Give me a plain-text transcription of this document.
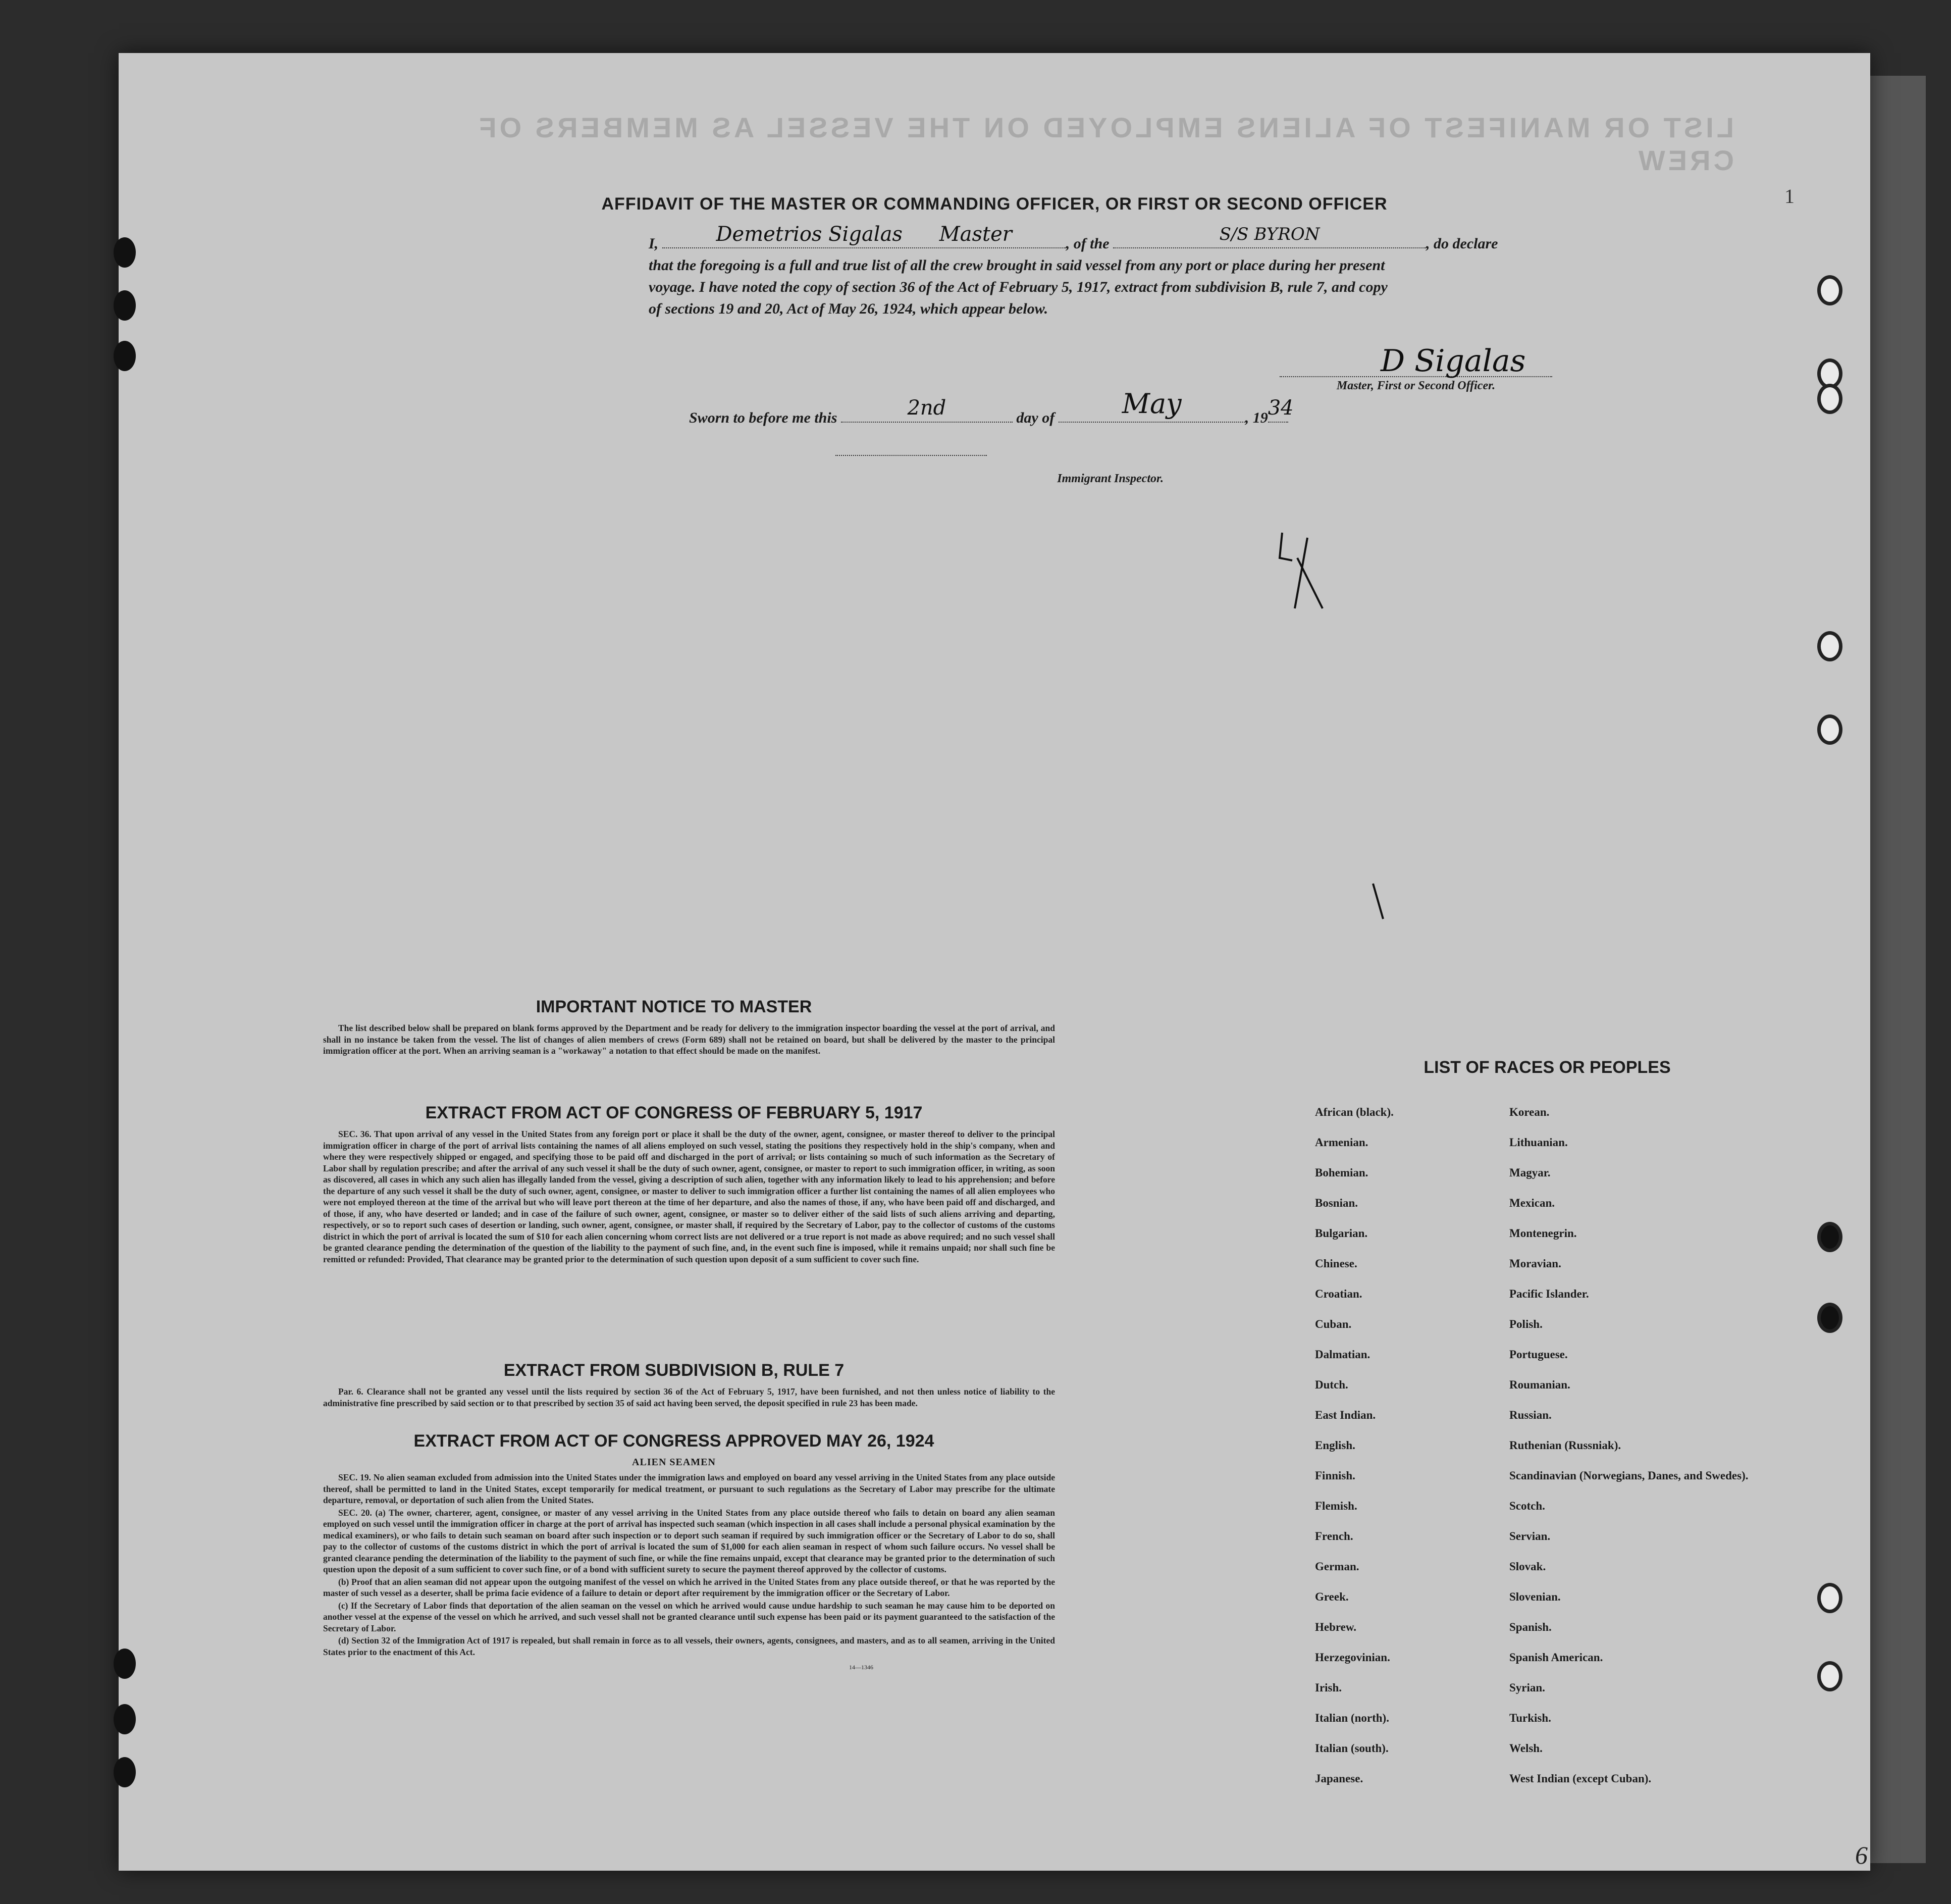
LIST OR MANIFEST OF ALIENS EMPLOYED ON THE VESSEL AS MEMBERS OF CREW
1
AFFIDAVIT OF THE MASTER OR COMMANDING OFFICER, OR FIRST OR SECOND OFFICER

I,	Demetrios Sigalas Master	, of the	S/S BYRON	, do declare

that the foregoing is a full and true list of all the crew brought in said vessel from any port or place during her present

voyage. I have noted the copy of section 36 of the Act of February 5, 1917, extract from subdivision B, rule 7, and copy

of sections 19 and 20, Act of May 26, 1924, which appear below.

D Sigalas
Master, First or Second Officer.
Sworn to before me this	2nd	day of	May	, 19 34
Immigrant Inspector.
IMPORTANT NOTICE TO MASTER

The list described below shall be prepared on blank forms approved by the Department and be ready for delivery to the immigration inspector boarding the vessel at the port of arrival, and shall in no instance be taken from the vessel. The list of changes of alien members of crews (Form 689) shall not be retained on board, but shall be delivered by the master to the principal immigration officer at the port. When an arriving seaman is a "workaway" a notation to that effect should be made on the manifest.

EXTRACT FROM ACT OF CONGRESS OF FEBRUARY 5, 1917

SEC. 36. That upon arrival of any vessel in the United States from any foreign port or place it shall be the duty of the owner, agent, consignee, or master thereof to deliver to the principal immigration officer in charge of the port of arrival lists containing the names of all aliens employed on such vessel, stating the positions they respectively hold in the ship's company, when and where they were respectively shipped or engaged, and specifying those to be paid off and discharged in the port of arrival; or lists containing so much of such information as the Secretary of Labor shall by regulation prescribe; and after the arrival of any such vessel it shall be the duty of such owner, agent, consignee, or master to report to such immigration officer, in writing, as soon as discovered, all cases in which any such alien has illegally landed from the vessel, giving a description of such alien, together with any information likely to lead to his apprehension; and before the departure of any such vessel it shall be the duty of such owner, agent, consignee, or master to deliver to such immigration officer a further list containing the names of all alien employees who were not employed thereon at the time of the arrival but who will leave port thereon at the time of her departure, and also the names of those, if any, who have been paid off and discharged, and of those, if any, who have deserted or landed; and in case of the failure of such owner, agent, consignee, or master so to deliver either of the said lists of such aliens arriving and departing, respectively, or so to report such cases of desertion or landing, such owner, agent, consignee, or master shall, if required by the Secretary of Labor, pay to the collector of customs of the customs district in which the port of arrival is located the sum of $10 for each alien concerning whom correct lists are not delivered or a true report is not made as above required; and no such vessel shall be granted clearance pending the determination of the question of the liability to the payment of such fine, and, in the event such fine is imposed, while it remains unpaid; nor shall such fine be remitted or refunded: Provided, That clearance may be granted prior to the determination of such question upon deposit of a sum sufficient to cover such fine.

EXTRACT FROM SUBDIVISION B, RULE 7

Par. 6. Clearance shall not be granted any vessel until the lists required by section 36 of the Act of February 5, 1917, have been furnished, and not then unless notice of liability to the administrative fine prescribed by said section or to that prescribed by section 35 of said act having been served, the deposit specified in rule 23 has been made.

EXTRACT FROM ACT OF CONGRESS APPROVED MAY 26, 1924
ALIEN SEAMEN

SEC. 19. No alien seaman excluded from admission into the United States under the immigration laws and employed on board any vessel arriving in the United States from any place outside thereof, shall be permitted to land in the United States, except temporarily for medical treatment, or pursuant to such regulations as the Secretary of Labor may prescribe for the ultimate departure, removal, or deportation of such alien from the United States.

SEC. 20. (a) The owner, charterer, agent, consignee, or master of any vessel arriving in the United States from any place outside thereof who fails to detain on board any alien seaman employed on such vessel until the immigration officer in charge at the port of arrival has inspected such seaman (which inspection in all cases shall include a personal physical examination by the medical examiners), or who fails to detain such seaman on board after such inspection or to deport such seaman if required by such immigration officer or the Secretary of Labor to do so, shall pay to the collector of customs of the customs district in which the port of arrival is located the sum of $1,000 for each alien seaman in respect of whom such failure occurs. No vessel shall be granted clearance pending the determination of the liability to the payment of such fine, or while the fine remains unpaid, except that clearance may be granted prior to the determination of such question upon the deposit of a sum sufficient to cover such fine, or of a bond with sufficient surety to secure the payment thereof approved by the collector of customs.

(b) Proof that an alien seaman did not appear upon the outgoing manifest of the vessel on which he arrived in the United States from any place outside thereof, or that he was reported by the master of such vessel as a deserter, shall be prima facie evidence of a failure to detain or deport after requirement by the immigration officer or the Secretary of Labor.

(c) If the Secretary of Labor finds that deportation of the alien seaman on the vessel on which he arrived would cause undue hardship to such seaman he may cause him to be deported on another vessel at the expense of the vessel on which he arrived, and such vessel shall not be granted clearance until such expense has been paid or its payment guaranteed to the satisfaction of the Secretary of Labor.

(d) Section 32 of the Immigration Act of 1917 is repealed, but shall remain in force as to all vessels, their owners, agents, consignees, and masters, and as to all seamen, arriving in the United States prior to the enactment of this Act.

14—1346
LIST OF RACES OR PEOPLES
African (black).	Korean.
Armenian.	Lithuanian.
Bohemian.	Magyar.
Bosnian.	Mexican.
Bulgarian.	Montenegrin.
Chinese.	Moravian.
Croatian.	Pacific Islander.
Cuban.	Polish.
Dalmatian.	Portuguese.
Dutch.	Roumanian.
East Indian.	Russian.
English.	Ruthenian (Russniak).
Finnish.	Scandinavian (Norwegians, Danes, and Swedes).
Flemish.	Scotch.
French.	Servian.
German.	Slovak.
Greek.	Slovenian.
Hebrew.	Spanish.
Herzegovinian.	Spanish American.
Irish.	Syrian.
Italian (north).	Turkish.
Italian (south).	Welsh.
Japanese.	West Indian (except Cuban).
6
